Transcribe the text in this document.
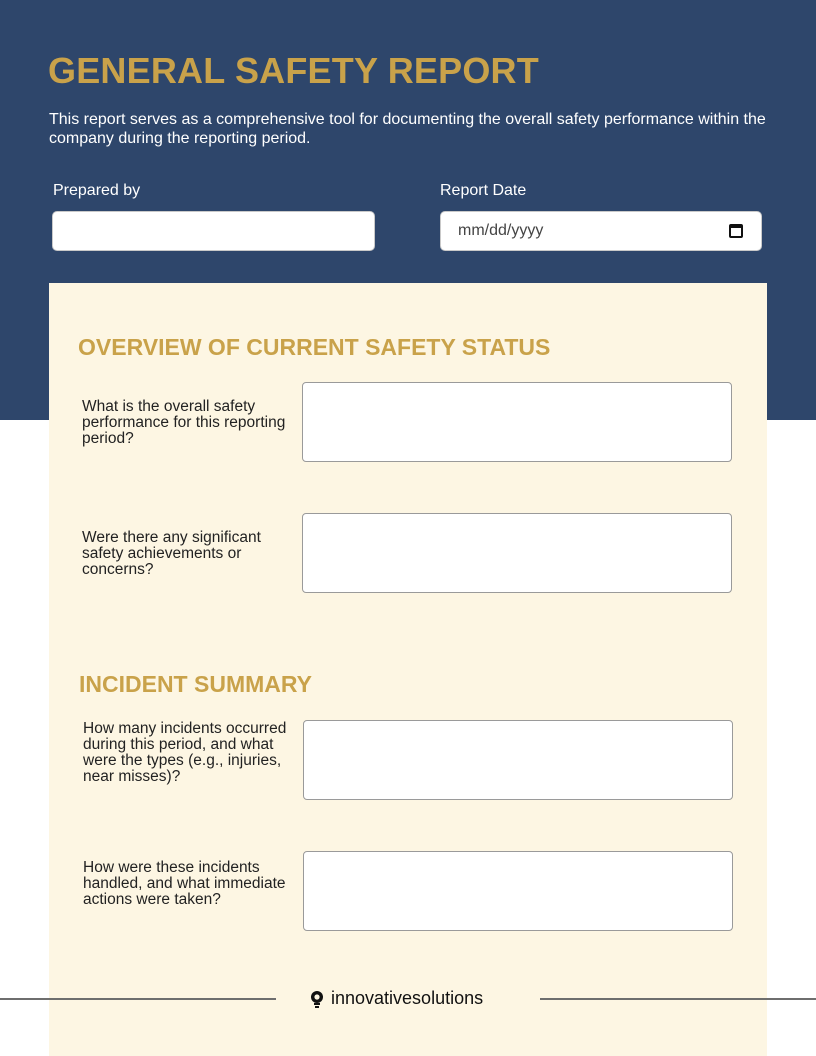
GENERAL SAFETY REPORT

This report serves as a comprehensive tool for documenting the overall safety performance within the company during the reporting period.

Prepared by	Report Date
mm/dd/yyyy
OVERVIEW OF CURRENT SAFETY STATUS

What is the overall safety performance for this reporting period?

Were there any significant safety achievements or concerns?

INCIDENT SUMMARY

How many incidents occurred during this period, and what were the types (e.g., injuries, near misses)?

How were these incidents handled, and what immediate actions were taken?

innovativesolutions
